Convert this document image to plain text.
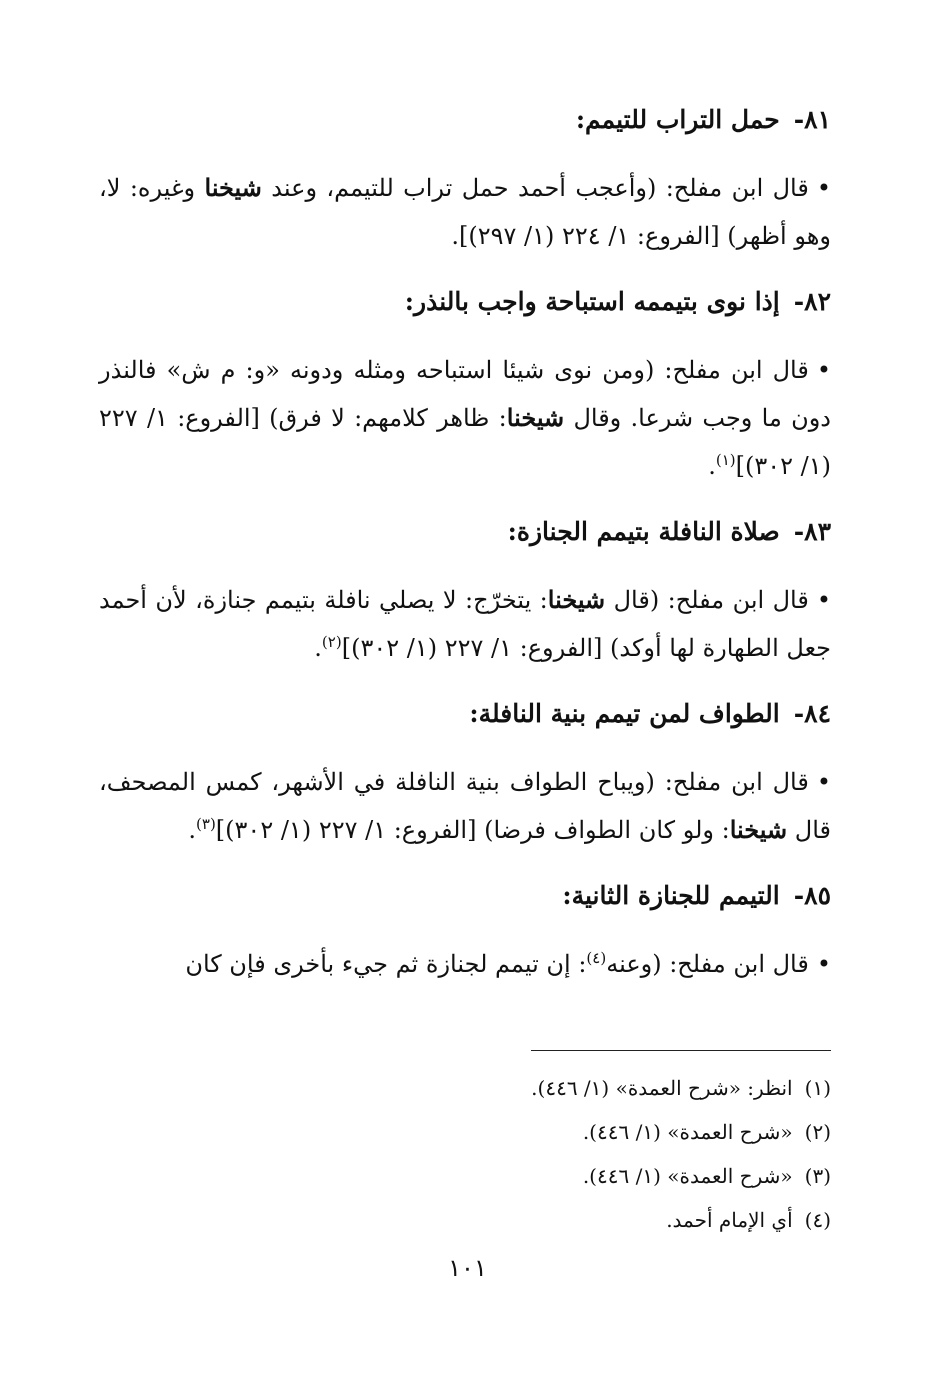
٨١-حمل التراب للتيمم:
•قال ابن مفلح: (وأعجب أحمد حمل تراب للتيمم، وعند شيخنا وغيره: لا، وهو أظهر) [الفروع: ١/ ٢٢٤ (١/ ٢٩٧)].
٨٢-إذا نوى بتيممه استباحة واجب بالنذر:
•قال ابن مفلح: (ومن نوى شيئا استباحه ومثله ودونه «و: م ش» فالنذر دون ما وجب شرعا. وقال شيخنا: ظاهر كلامهم: لا فرق) [الفروع: ١/ ٢٢٧ (١/ ٣٠٢)]$^{(١)}$.
٨٣-صلاة النافلة بتيمم الجنازة:
•قال ابن مفلح: (قال شيخنا: يتخرّج: لا يصلي نافلة بتيمم جنازة، لأن أحمد جعل الطهارة لها أوكد) [الفروع: ١/ ٢٢٧ (١/ ٣٠٢)]$^{(٢)}$.
٨٤-الطواف لمن تيمم بنية النافلة:
•قال ابن مفلح: (ويباح الطواف بنية النافلة في الأشهر، كمس المصحف، قال شيخنا: ولو كان الطواف فرضا) [الفروع: ١/ ٢٢٧ (١/ ٣٠٢)]$^{(٣)}$.
٨٥-التيمم للجنازة الثانية:
•قال ابن مفلح: (وعنه$^{(٤)}$: إن تيمم لجنازة ثم جيء بأخرى فإن كان
(١)انظر: «شرح العمدة» (١/ ٤٤٦).
(٢)«شرح العمدة» (١/ ٤٤٦).
(٣)«شرح العمدة» (١/ ٤٤٦).
(٤)أي الإمام أحمد.
١٠١
